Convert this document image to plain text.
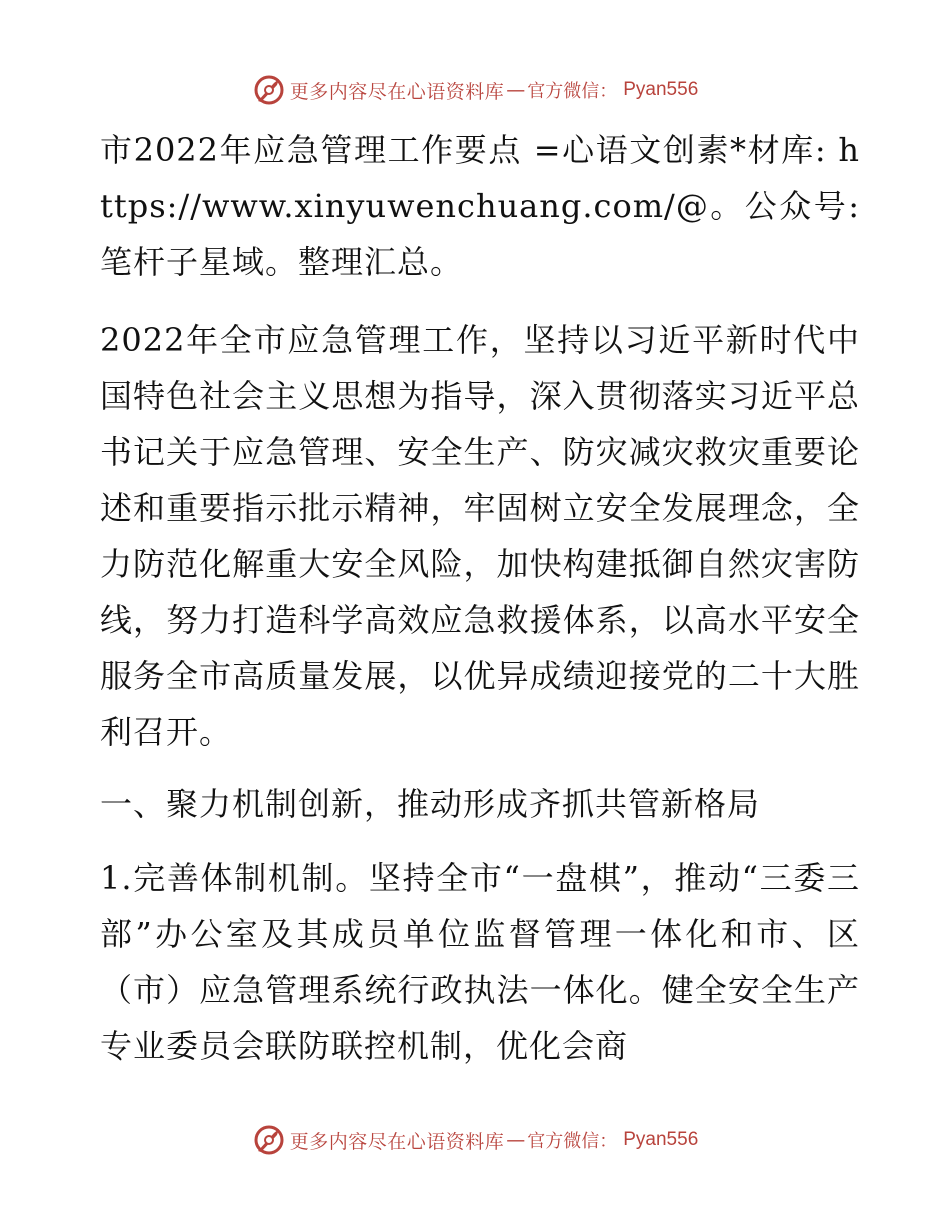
更多内容尽在心语资料库 — 官方微信： Pyan556

市2022年应急管理工作要点 =心语文创素*材库: https://www.xinyuwenchuang.com/@。公众号: 笔杆子星域。整理汇总。

2022年全市应急管理工作，坚持以习近平新时代中国特色社会主义思想为指导，深入贯彻落实习近平总书记关于应急管理、安全生产、防灾减灾救灾重要论述和重要指示批示精神，牢固树立安全发展理念，全力防范化解重大安全风险，加快构建抵御自然灾害防线，努力打造科学高效应急救援体系，以高水平安全服务全市高质量发展，以优异成绩迎接党的二十大胜利召开。

一、聚力机制创新，推动形成齐抓共管新格局

1.完善体制机制。坚持全市“一盘棋”，推动“三委三部”办公室及其成员单位监督管理一体化和市、区（市）应急管理系统行政执法一体化。健全安全生产专业委员会联防联控机制，优化会商

更多内容尽在心语资料库 — 官方微信： Pyan556
